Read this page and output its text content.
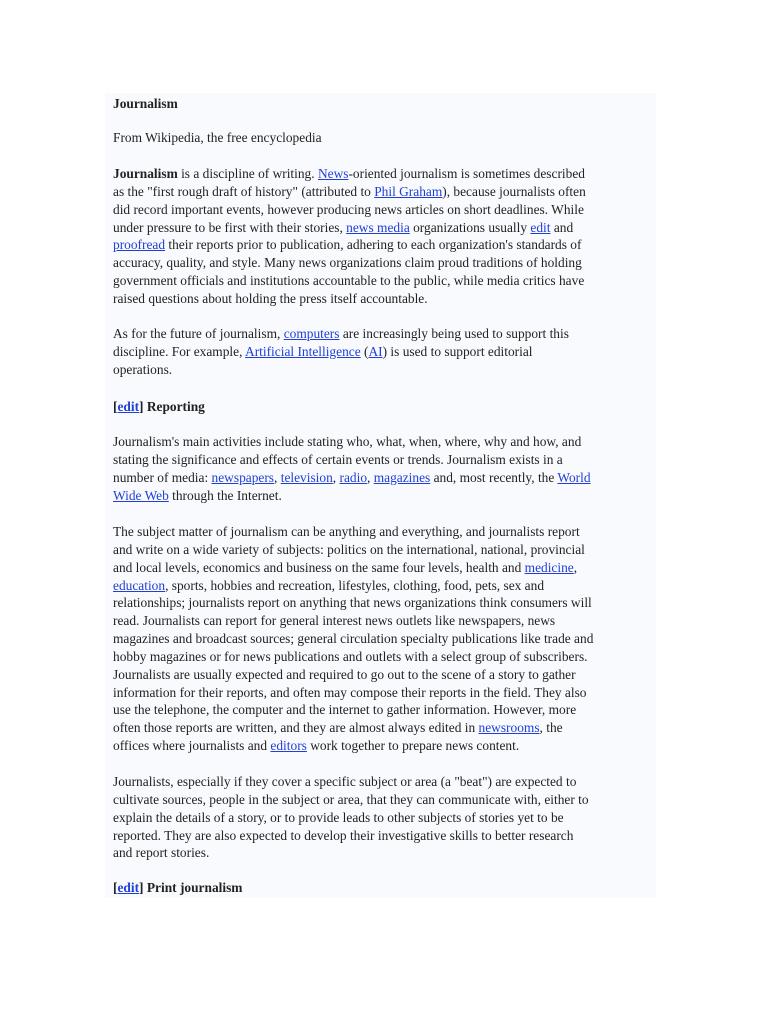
Journalism
From Wikipedia, the free encyclopedia
Journalism is a discipline of writing. News-oriented journalism is sometimes described
as the "first rough draft of history" (attributed to Phil Graham), because journalists often
did record important events, however producing news articles on short deadlines. While
under pressure to be first with their stories, news media organizations usually edit and
proofread their reports prior to publication, adhering to each organization's standards of
accuracy, quality, and style. Many news organizations claim proud traditions of holding
government officials and institutions accountable to the public, while media critics have
raised questions about holding the press itself accountable.
As for the future of journalism, computers are increasingly being used to support this
discipline. For example, Artificial Intelligence (AI) is used to support editorial
operations.
[edit] Reporting
Journalism's main activities include stating who, what, when, where, why and how, and
stating the significance and effects of certain events or trends. Journalism exists in a
number of media: newspapers, television, radio, magazines and, most recently, the World
Wide Web through the Internet.
The subject matter of journalism can be anything and everything, and journalists report
and write on a wide variety of subjects: politics on the international, national, provincial
and local levels, economics and business on the same four levels, health and medicine,
education, sports, hobbies and recreation, lifestyles, clothing, food, pets, sex and
relationships; journalists report on anything that news organizations think consumers will
read. Journalists can report for general interest news outlets like newspapers, news
magazines and broadcast sources; general circulation specialty publications like trade and
hobby magazines or for news publications and outlets with a select group of subscribers.
Journalists are usually expected and required to go out to the scene of a story to gather
information for their reports, and often may compose their reports in the field. They also
use the telephone, the computer and the internet to gather information. However, more
often those reports are written, and they are almost always edited in newsrooms, the
offices where journalists and editors work together to prepare news content.
Journalists, especially if they cover a specific subject or area (a "beat") are expected to
cultivate sources, people in the subject or area, that they can communicate with, either to
explain the details of a story, or to provide leads to other subjects of stories yet to be
reported. They are also expected to develop their investigative skills to better research
and report stories.
[edit] Print journalism
